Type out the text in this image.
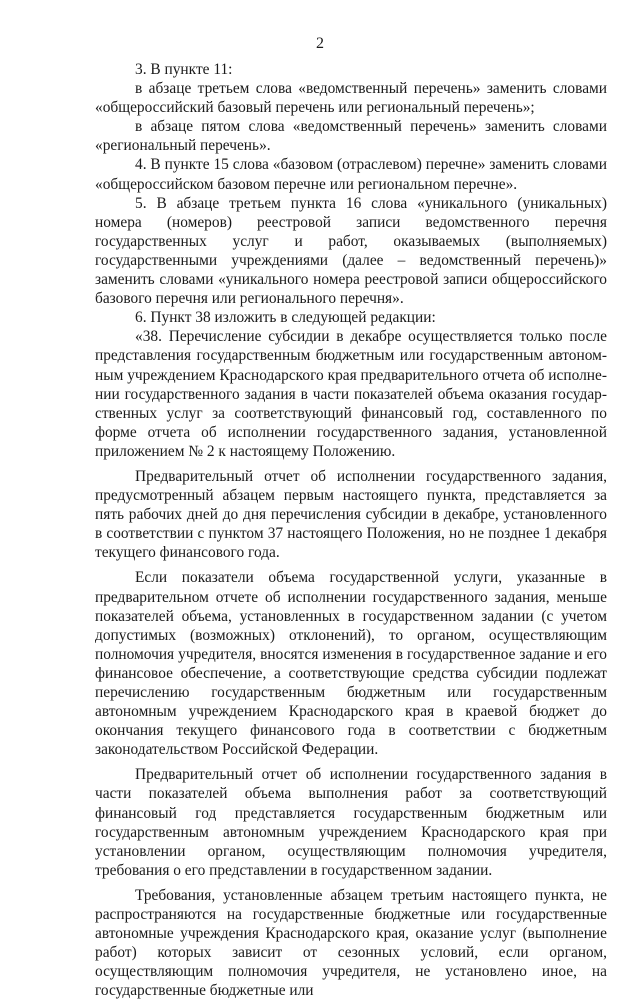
2

3. В пункте 11:

в абзаце третьем слова «ведомственный перечень» заменить словами «общероссийский базовый перечень или региональный перечень»;

в абзаце пятом слова «ведомственный перечень» заменить словами «региональный перечень».

4. В пункте 15 слова «базовом (отраслевом) перечне» заменить словами «общероссийском базовом перечне или региональном перечне».

5. В абзаце третьем пункта 16 слова «уникального (уникальных) номера (номеров) реестровой записи ведомственного перечня государственных услуг и работ, оказываемых (выполняемых) государственными учреждениями (далее – ведомственный перечень)» заменить словами «уникального номера реестровой записи общероссийского базового перечня или регионального перечня».

6. Пункт 38 изложить в следующей редакции:

«38. Перечисление субсидии в декабре осуществляется только после представления государственным бюджетным или государственным автономным учреждением Краснодарского края предварительного отчета об исполнении государственного задания в части показателей объема оказания государственных услуг за соответствующий финансовый год, составленного по форме отчета об исполнении государственного задания, установленной приложением № 2 к настоящему Положению.

Предварительный отчет об исполнении государственного задания, предусмотренный абзацем первым настоящего пункта, представляется за пять рабочих дней до дня перечисления субсидии в декабре, установленного в соответствии с пунктом 37 настоящего Положения, но не позднее 1 декабря текущего финансового года.

Если показатели объема государственной услуги, указанные в предварительном отчете об исполнении государственного задания, меньше показателей объема, установленных в государственном задании (с учетом допустимых (возможных) отклонений), то органом, осуществляющим полномочия учредителя, вносятся изменения в государственное задание и его финансовое обеспечение, а соответствующие средства субсидии подлежат перечислению государственным бюджетным или государственным автономным учреждением Краснодарского края в краевой бюджет до окончания текущего финансового года в соответствии с бюджетным законодательством Российской Федерации.

Предварительный отчет об исполнении государственного задания в части показателей объема выполнения работ за соответствующий финансовый год представляется государственным бюджетным или государственным автономным учреждением Краснодарского края при установлении органом, осуществляющим полномочия учредителя, требования о его представлении в государственном задании.

Требования, установленные абзацем третьим настоящего пункта, не распространяются на государственные бюджетные или государственные автономные учреждения Краснодарского края, оказание услуг (выполнение работ) которых зависит от сезонных условий, если органом, осуществляющим полномочия учредителя, не установлено иное, на государственные бюджетные или
